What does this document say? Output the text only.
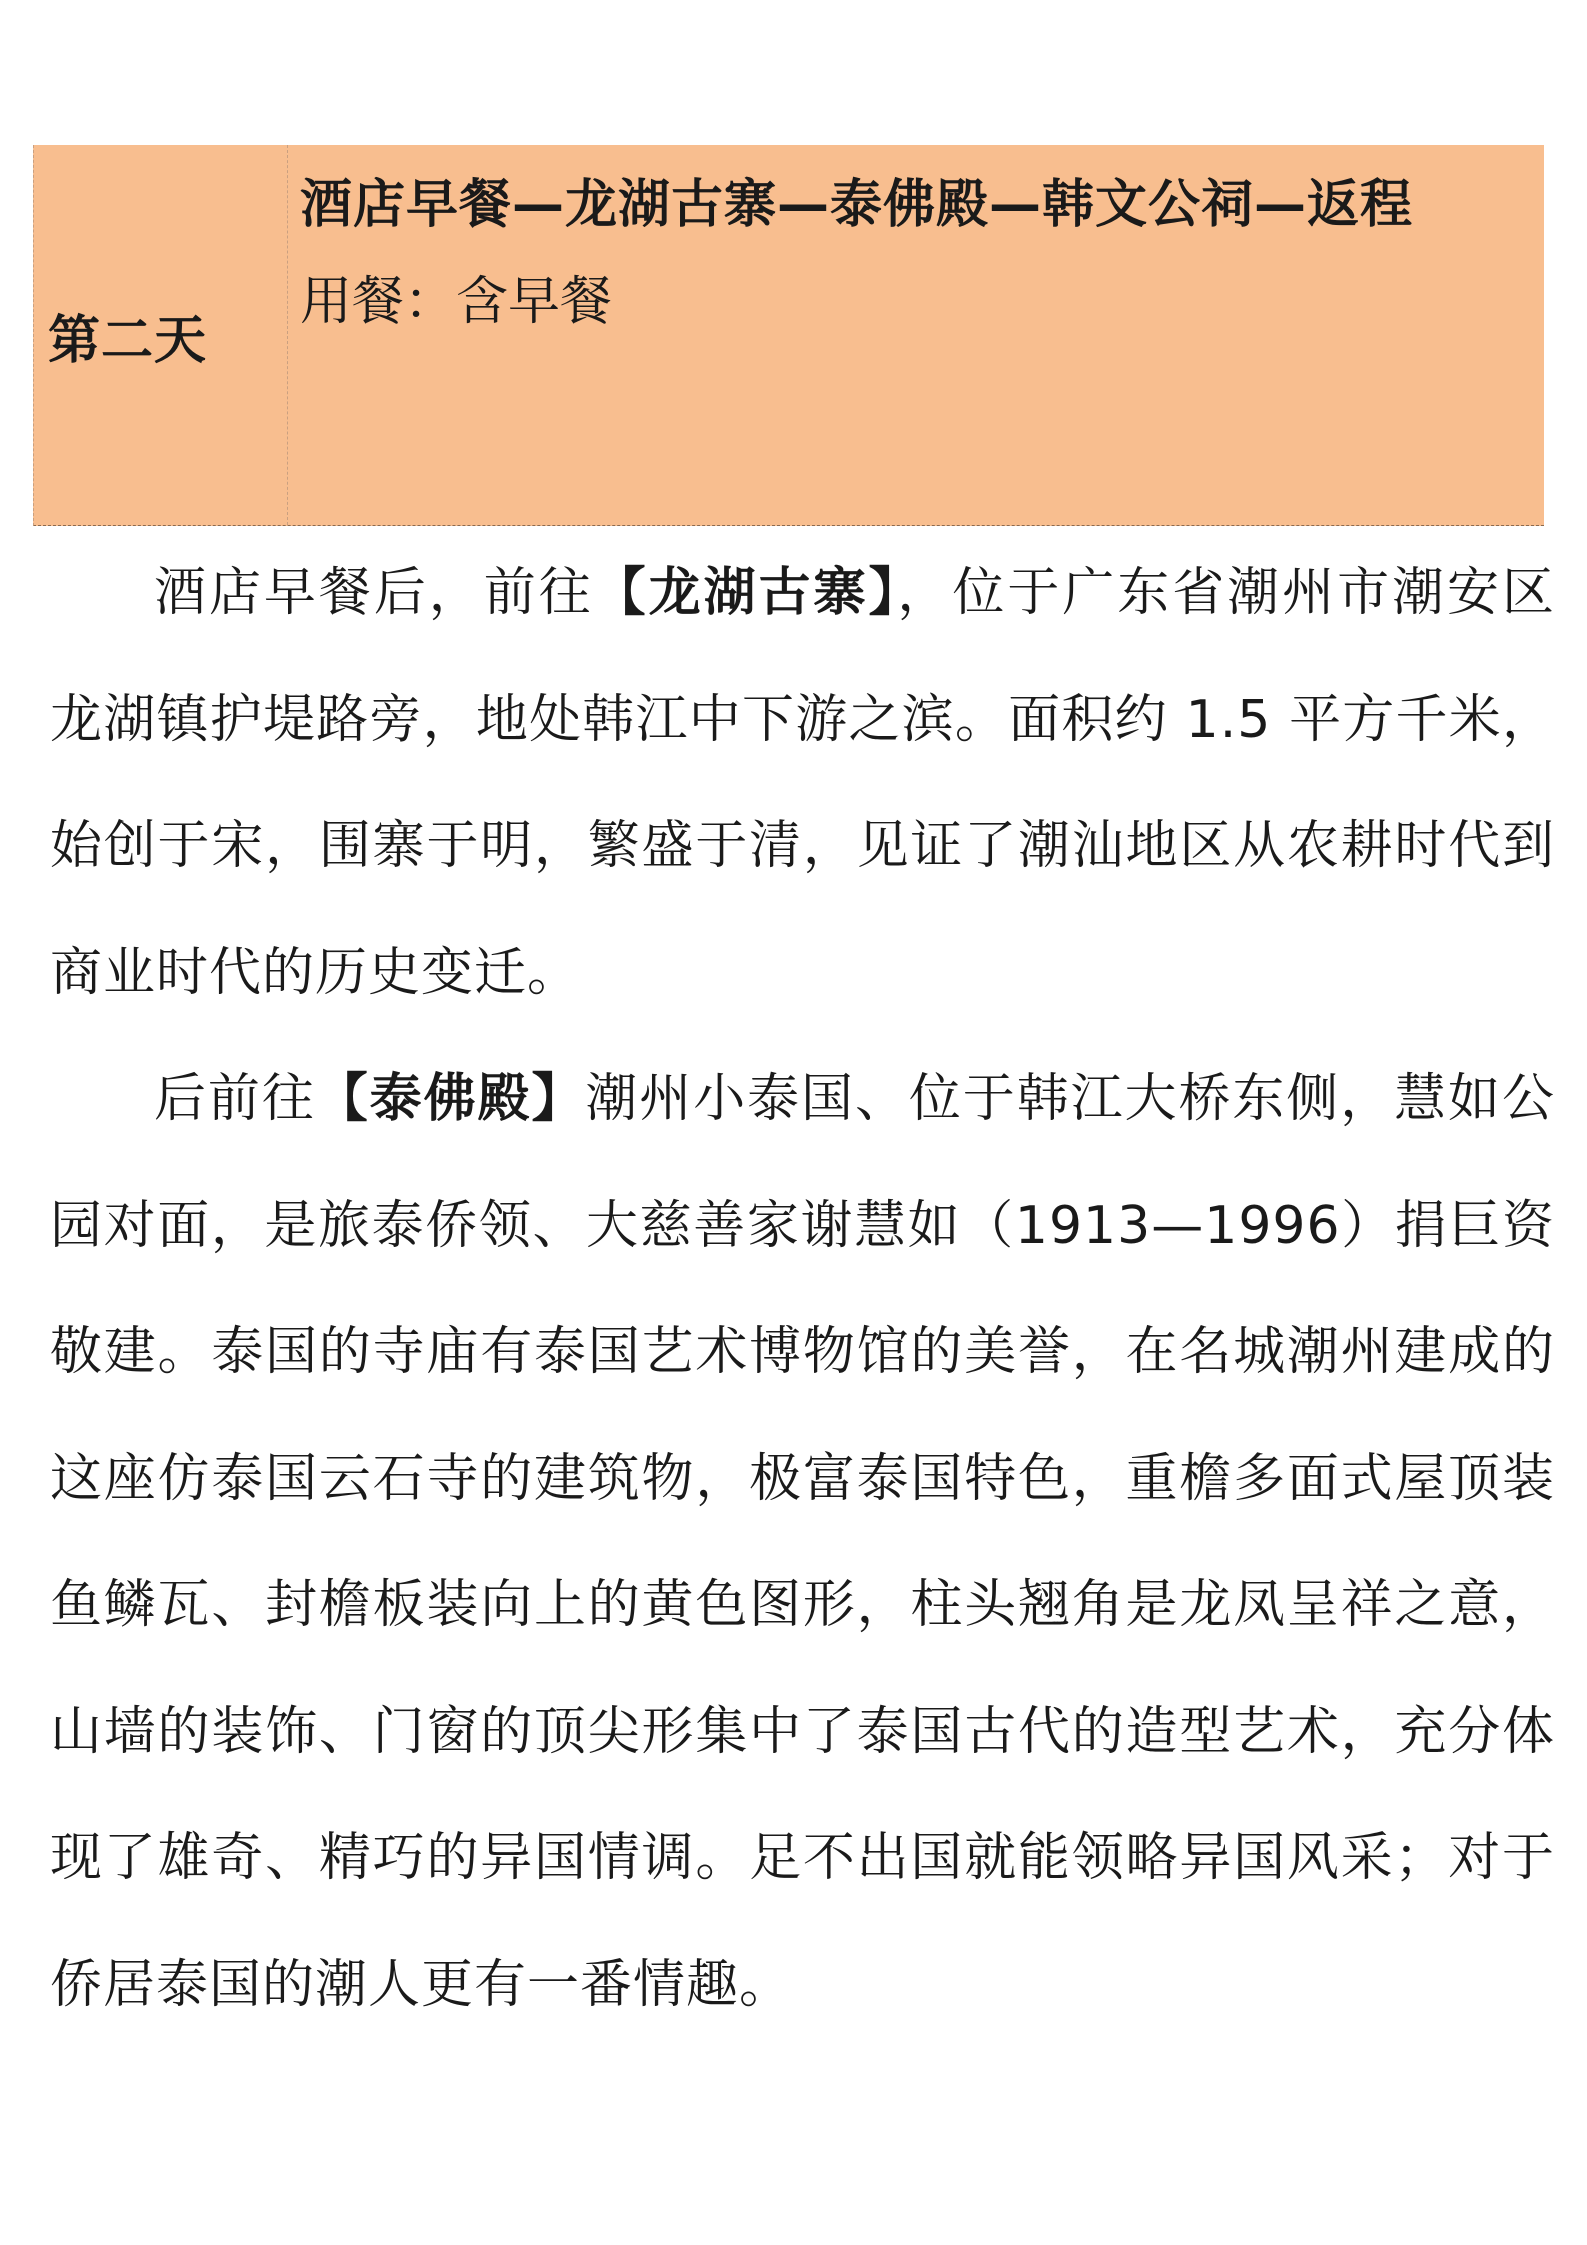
第二天
酒店早餐—龙湖古寨—泰佛殿—韩文公祠—返程
用餐：含早餐

酒店早餐后，前往【龙湖古寨】，位于广东省潮州市潮安区龙湖镇护堤路旁，地处韩江中下游之滨。面积约 1.5 平方千米，始创于宋，围寨于明，繁盛于清，见证了潮汕地区从农耕时代到商业时代的历史变迁。

后前往【泰佛殿】潮州小泰国、位于韩江大桥东侧，慧如公园对面，是旅泰侨领、大慈善家谢慧如（1913—1996）捐巨资敬建。泰国的寺庙有泰国艺术博物馆的美誉，在名城潮州建成的这座仿泰国云石寺的建筑物，极富泰国特色，重檐多面式屋顶装鱼鳞瓦、封檐板装向上的黄色图形，柱头翘角是龙凤呈祥之意，山墙的装饰、门窗的顶尖形集中了泰国古代的造型艺术，充分体现了雄奇、精巧的异国情调。足不出国就能领略异国风采；对于侨居泰国的潮人更有一番情趣。
